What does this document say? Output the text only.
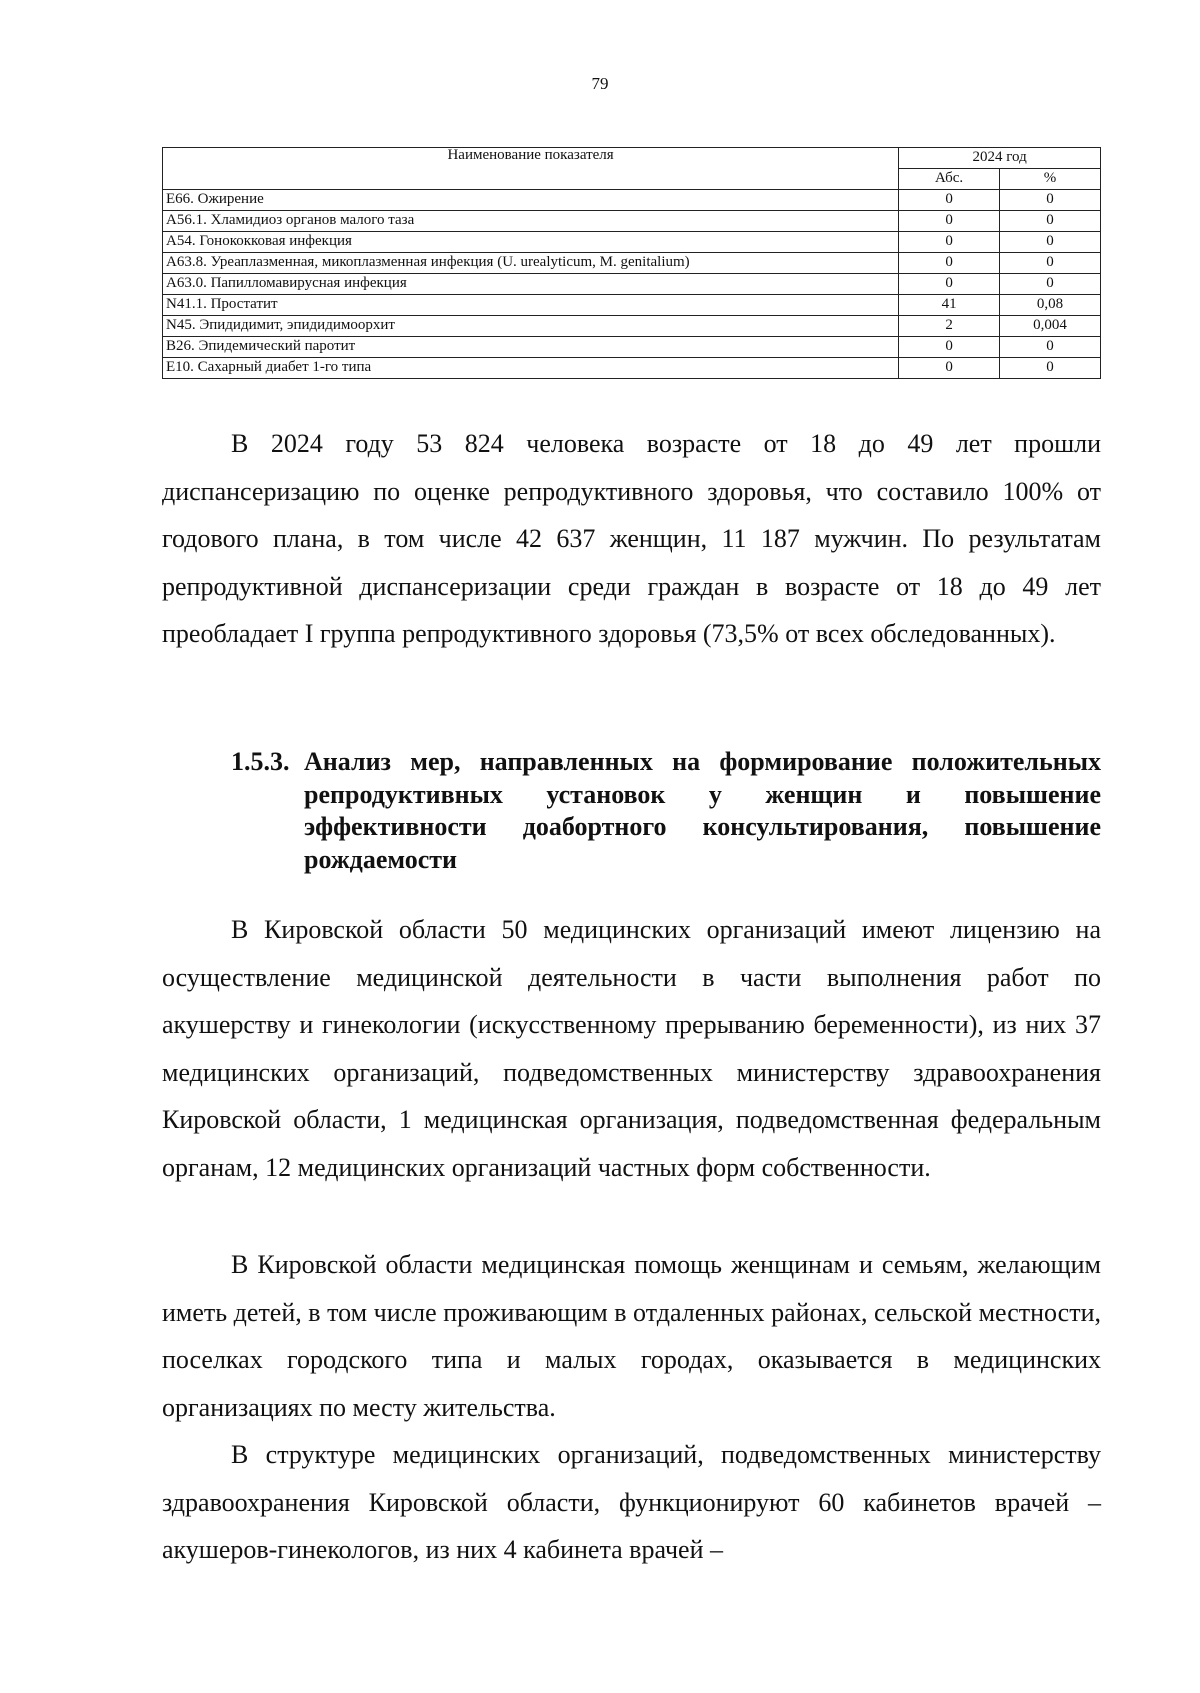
79
Наименование показателя	2024 год	
	Абс.	%
E66. Ожирение	0	0
A56.1. Хламидиоз органов малого таза	0	0
A54. Гонококковая инфекция	0	0
A63.8. Уреаплазменная, микоплазменная инфекция (U. urealyticum, M. genitalium)	0	0
A63.0. Папилломавирусная инфекция	0	0
N41.1. Простатит	41	0,08
N45. Эпидидимит, эпидидимоорхит	2	0,004
B26. Эпидемический паротит	0	0
E10. Сахарный диабет 1-го типа	0	0

В 2024 году 53 824 человека возрасте от 18 до 49 лет прошли диспансеризацию по оценке репродуктивного здоровья, что составило 100% от годового плана, в том числе 42 637 женщин, 11 187 мужчин. По результатам репродуктивной диспансеризации среди граждан в возрасте от 18 до 49 лет преобладает I группа репродуктивного здоровья (73,5% от всех обследованных).

1.5.3. Анализ мер, направленных на формирование положительных репродуктивных установок у женщин и повышение эффективности доабортного консультирования, повышение рождаемости

В Кировской области 50 медицинских организаций имеют лицензию на осуществление медицинской деятельности в части выполнения работ по акушерству и гинекологии (искусственному прерыванию беременности), из них 37 медицинских организаций, подведомственных министерству здравоохранения Кировской области, 1 медицинская организация, подведомственная федеральным органам, 12 медицинских организаций частных форм собственности.

В Кировской области медицинская помощь женщинам и семьям, желающим иметь детей, в том числе проживающим в отдаленных районах, сельской местности, поселках городского типа и малых городах, оказывается в медицинских организациях по месту жительства.

В структуре медицинских организаций, подведомственных министерству здравоохранения Кировской области, функционируют 60 кабинетов врачей – акушеров-гинекологов, из них 4 кабинета врачей –
